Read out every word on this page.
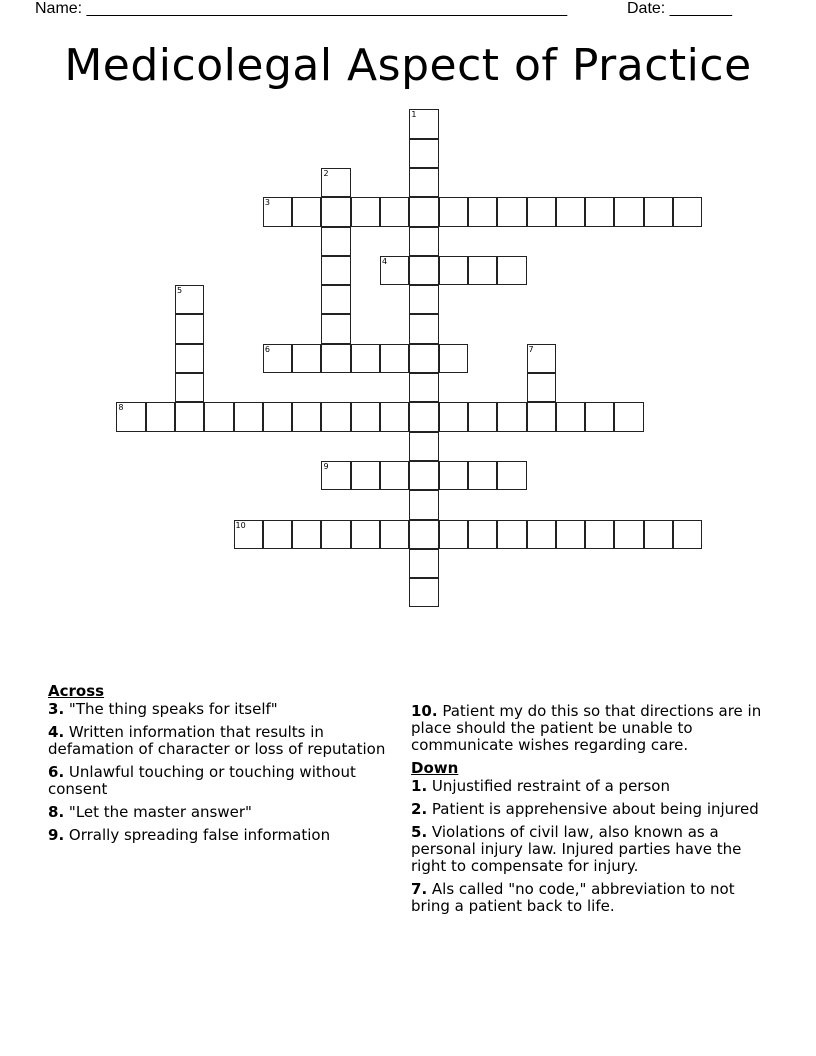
Name: ______________________________________________________	Date: _______
Medicolegal Aspect of Practice
1
2
3
4
5
6	7
8
9
10
Across
3. "The thing speaks for itself"
4. Written information that results in defamation of character or loss of reputation
6. Unlawful touching or touching without consent
8. "Let the master answer"
9. Orrally spreading false information
10. Patient my do this so that directions are in place should the patient be unable to communicate wishes regarding care.
Down
1. Unjustified restraint of a person
2. Patient is apprehensive about being injured
5. Violations of civil law, also known as a personal injury law. Injured parties have the right to compensate for injury.
7. Als called "no code," abbreviation to not bring a patient back to life.
